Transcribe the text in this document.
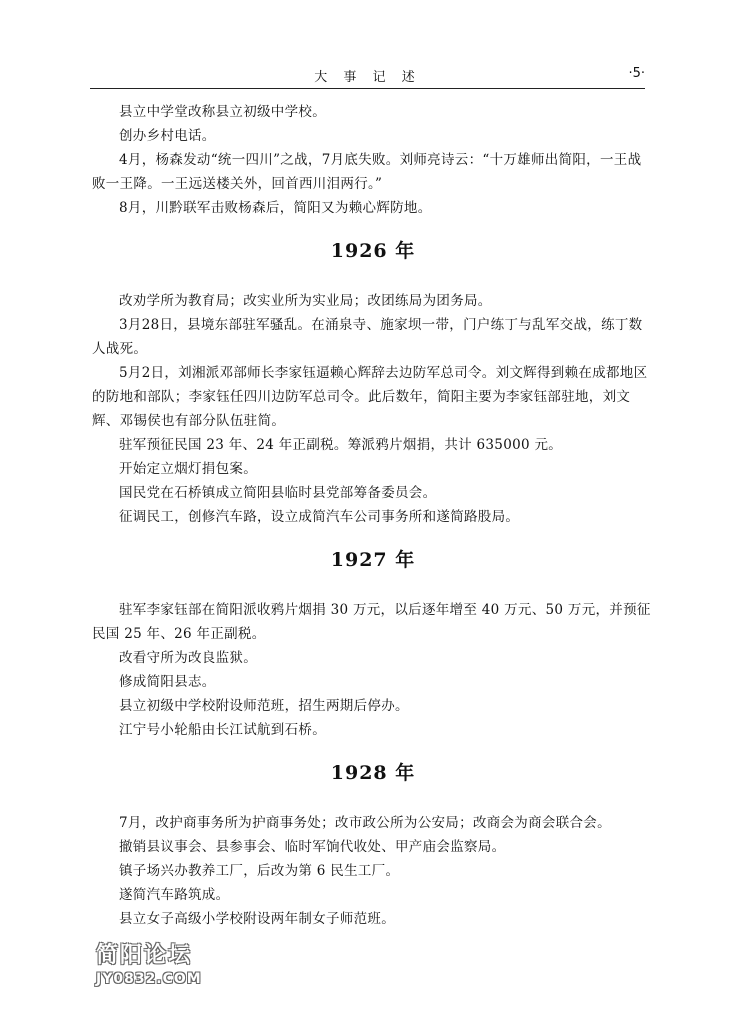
大 事 记 述	·5·

县立中学堂改称县立初级中学校。

创办乡村电话。

4月，杨森发动“统一四川”之战，7月底失败。刘师亮诗云：“十万雄师出简阳，一王战败一王降。一王远送楼关外，回首西川泪两行。”

8月，川黔联军击败杨森后，简阳又为赖心辉防地。

1926 年

改劝学所为教育局；改实业所为实业局；改团练局为团务局。

3月28日，县境东部驻军骚乱。在涌泉寺、施家坝一带，门户练丁与乱军交战，练丁数人战死。

5月2日，刘湘派邓部师长李家钰逼赖心辉辞去边防军总司令。刘文辉得到赖在成都地区的防地和部队；李家钰任四川边防军总司令。此后数年，简阳主要为李家钰部驻地，刘文辉、邓锡侯也有部分队伍驻简。

驻军预征民国 23 年、24 年正副税。筹派鸦片烟捐，共计 635000 元。

开始定立烟灯捐包案。

国民党在石桥镇成立简阳县临时县党部筹备委员会。

征调民工，创修汽车路，设立成简汽车公司事务所和遂简路股局。

1927 年

驻军李家钰部在简阳派收鸦片烟捐 30 万元，以后逐年增至 40 万元、50 万元，并预征民国 25 年、26 年正副税。

改看守所为改良监狱。

修成简阳县志。

县立初级中学校附设师范班，招生两期后停办。

江宁号小轮船由长江试航到石桥。

1928 年

7月，改护商事务所为护商事务处；改市政公所为公安局；改商会为商会联合会。

撤销县议事会、县参事会、临时军饷代收处、甲产庙会监察局。

镇子场兴办教养工厂，后改为第 6 民生工厂。

遂简汽车路筑成。

县立女子高级小学校附设两年制女子师范班。

简阳论坛
JY0832.COM
